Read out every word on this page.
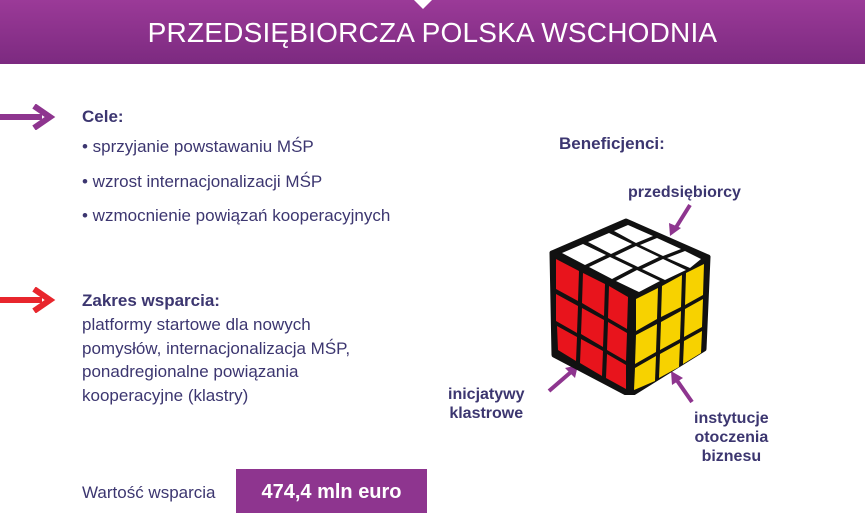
PRZEDSIĘBIORCZA POLSKA WSCHODNIA
Cele:
• sprzyjanie powstawaniu MŚP
• wzrost internacjonalizacji MŚP
• wzmocnienie powiązań kooperacyjnych
Zakres wsparcia:
platformy startowe dla nowych
pomysłów, internacjonalizacja MŚP,
ponadregionalne powiązania
kooperacyjne (klastry)
Wartość wsparcia	474,4 mln euro
Beneficjenci:
przedsiębiorcy
inicjatywy
klastrowe	instytucje
otoczenia
biznesu
